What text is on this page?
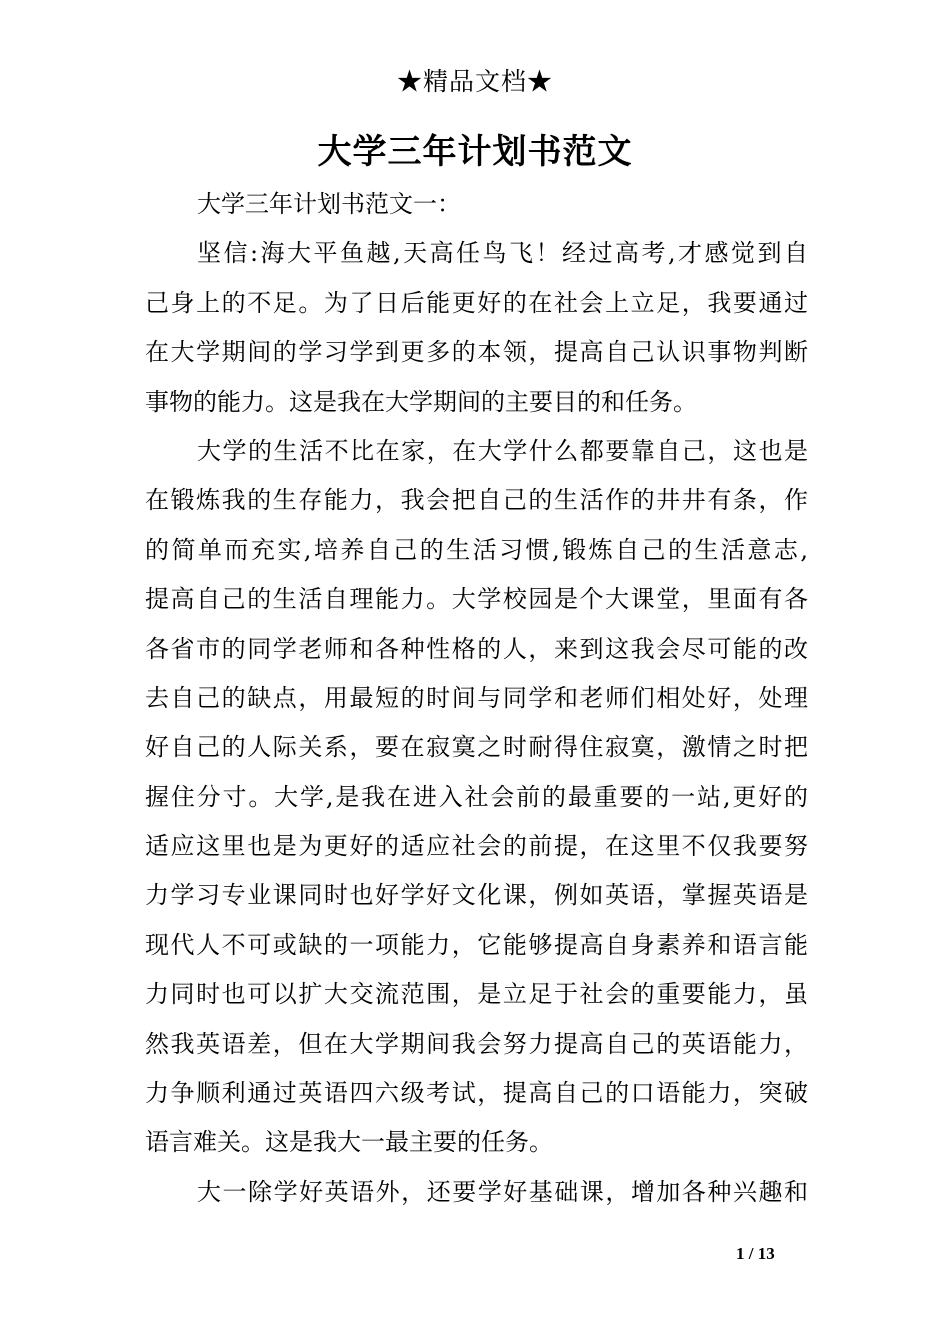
★精品文档★
大学三年计划书范文
大学三年计划书范文一：
坚信:海大平鱼越,天高任鸟飞！经过高考,才感觉到自
己身上的不足。为了日后能更好的在社会上立足，我要通过
在大学期间的学习学到更多的本领，提高自己认识事物判断
事物的能力。这是我在大学期间的主要目的和任务。
大学的生活不比在家，在大学什么都要靠自己，这也是
在锻炼我的生存能力，我会把自己的生活作的井井有条，作
的简单而充实,培养自己的生活习惯,锻炼自己的生活意志,
提高自己的生活自理能力。大学校园是个大课堂，里面有各
各省市的同学老师和各种性格的人，来到这我会尽可能的改
去自己的缺点，用最短的时间与同学和老师们相处好，处理
好自己的人际关系，要在寂寞之时耐得住寂寞，激情之时把
握住分寸。大学,是我在进入社会前的最重要的一站,更好的
适应这里也是为更好的适应社会的前提，在这里不仅我要努
力学习专业课同时也好学好文化课，例如英语，掌握英语是
现代人不可或缺的一项能力，它能够提高自身素养和语言能
力同时也可以扩大交流范围，是立足于社会的重要能力，虽
然我英语差，但在大学期间我会努力提高自己的英语能力，
力争顺利通过英语四六级考试，提高自己的口语能力，突破
语言难关。这是我大一最主要的任务。
大一除学好英语外，还要学好基础课，增加各种兴趣和
1 / 13
